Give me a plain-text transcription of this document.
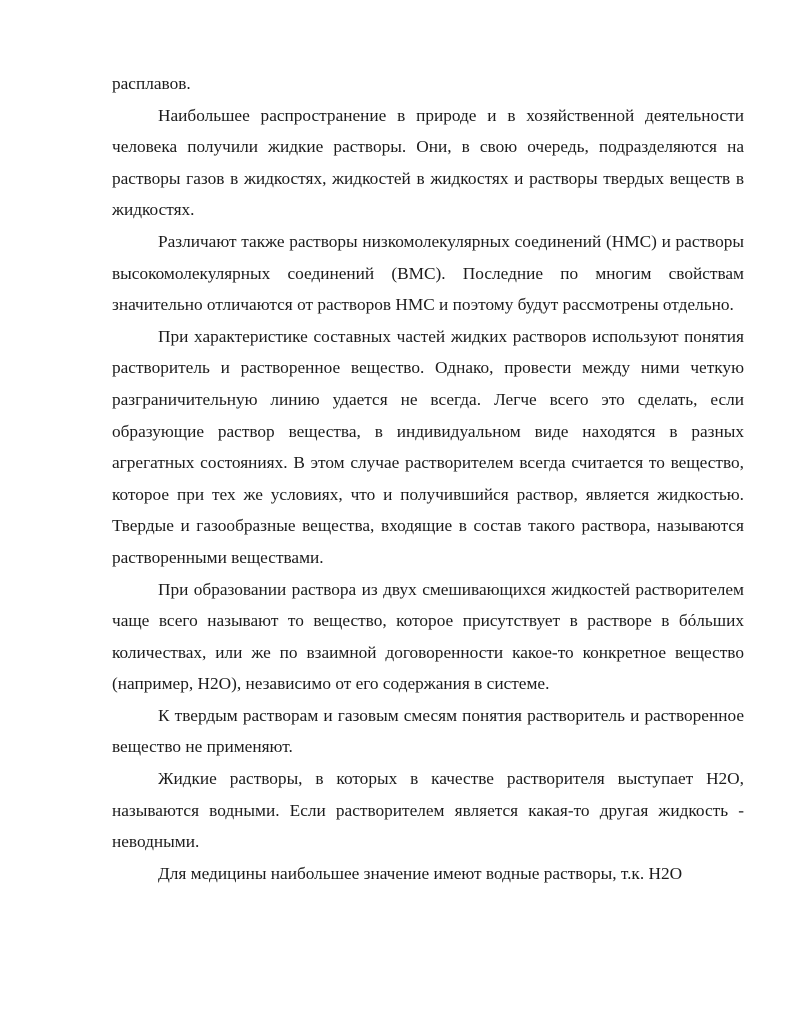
расплавов.

Наибольшее распространение в природе и в хозяйственной деятельности человека получили жидкие растворы. Они, в свою очередь, подразделяются на растворы газов в жидкостях, жидкостей в жидкостях и растворы твердых веществ в жидкостях.

Различают также растворы низкомолекулярных соединений (НМС) и растворы высокомолекулярных соединений (ВМС). Последние по многим свойствам значительно отличаются от растворов НМС и поэтому будут рассмотрены отдельно.

При характеристике составных частей жидких растворов используют понятия растворитель и растворенное вещество. Однако, провести между ними четкую разграничительную линию удается не всегда. Легче всего это сделать, если образующие раствор вещества, в индивидуальном виде находятся в разных агрегатных состояниях. В этом случае растворителем всегда считается то вещество, которое при тех же условиях, что и получившийся раствор, является жидкостью. Твердые и газообразные вещества, входящие в состав такого раствора, называются растворенными веществами.

При образовании раствора из двух смешивающихся жидкостей растворителем чаще всего называют то вещество, которое присутствует в растворе в бóльших количествах, или же по взаимной договоренности какое-то конкретное вещество (например, Н2О), независимо от его содержания в системе.

К твердым растворам и газовым смесям понятия растворитель и растворенное вещество не применяют.

Жидкие растворы, в которых в качестве растворителя выступает Н2О, называются водными. Если растворителем является какая-то другая жидкость - неводными.

Для медицины наибольшее значение имеют водные растворы, т.к. Н2О
